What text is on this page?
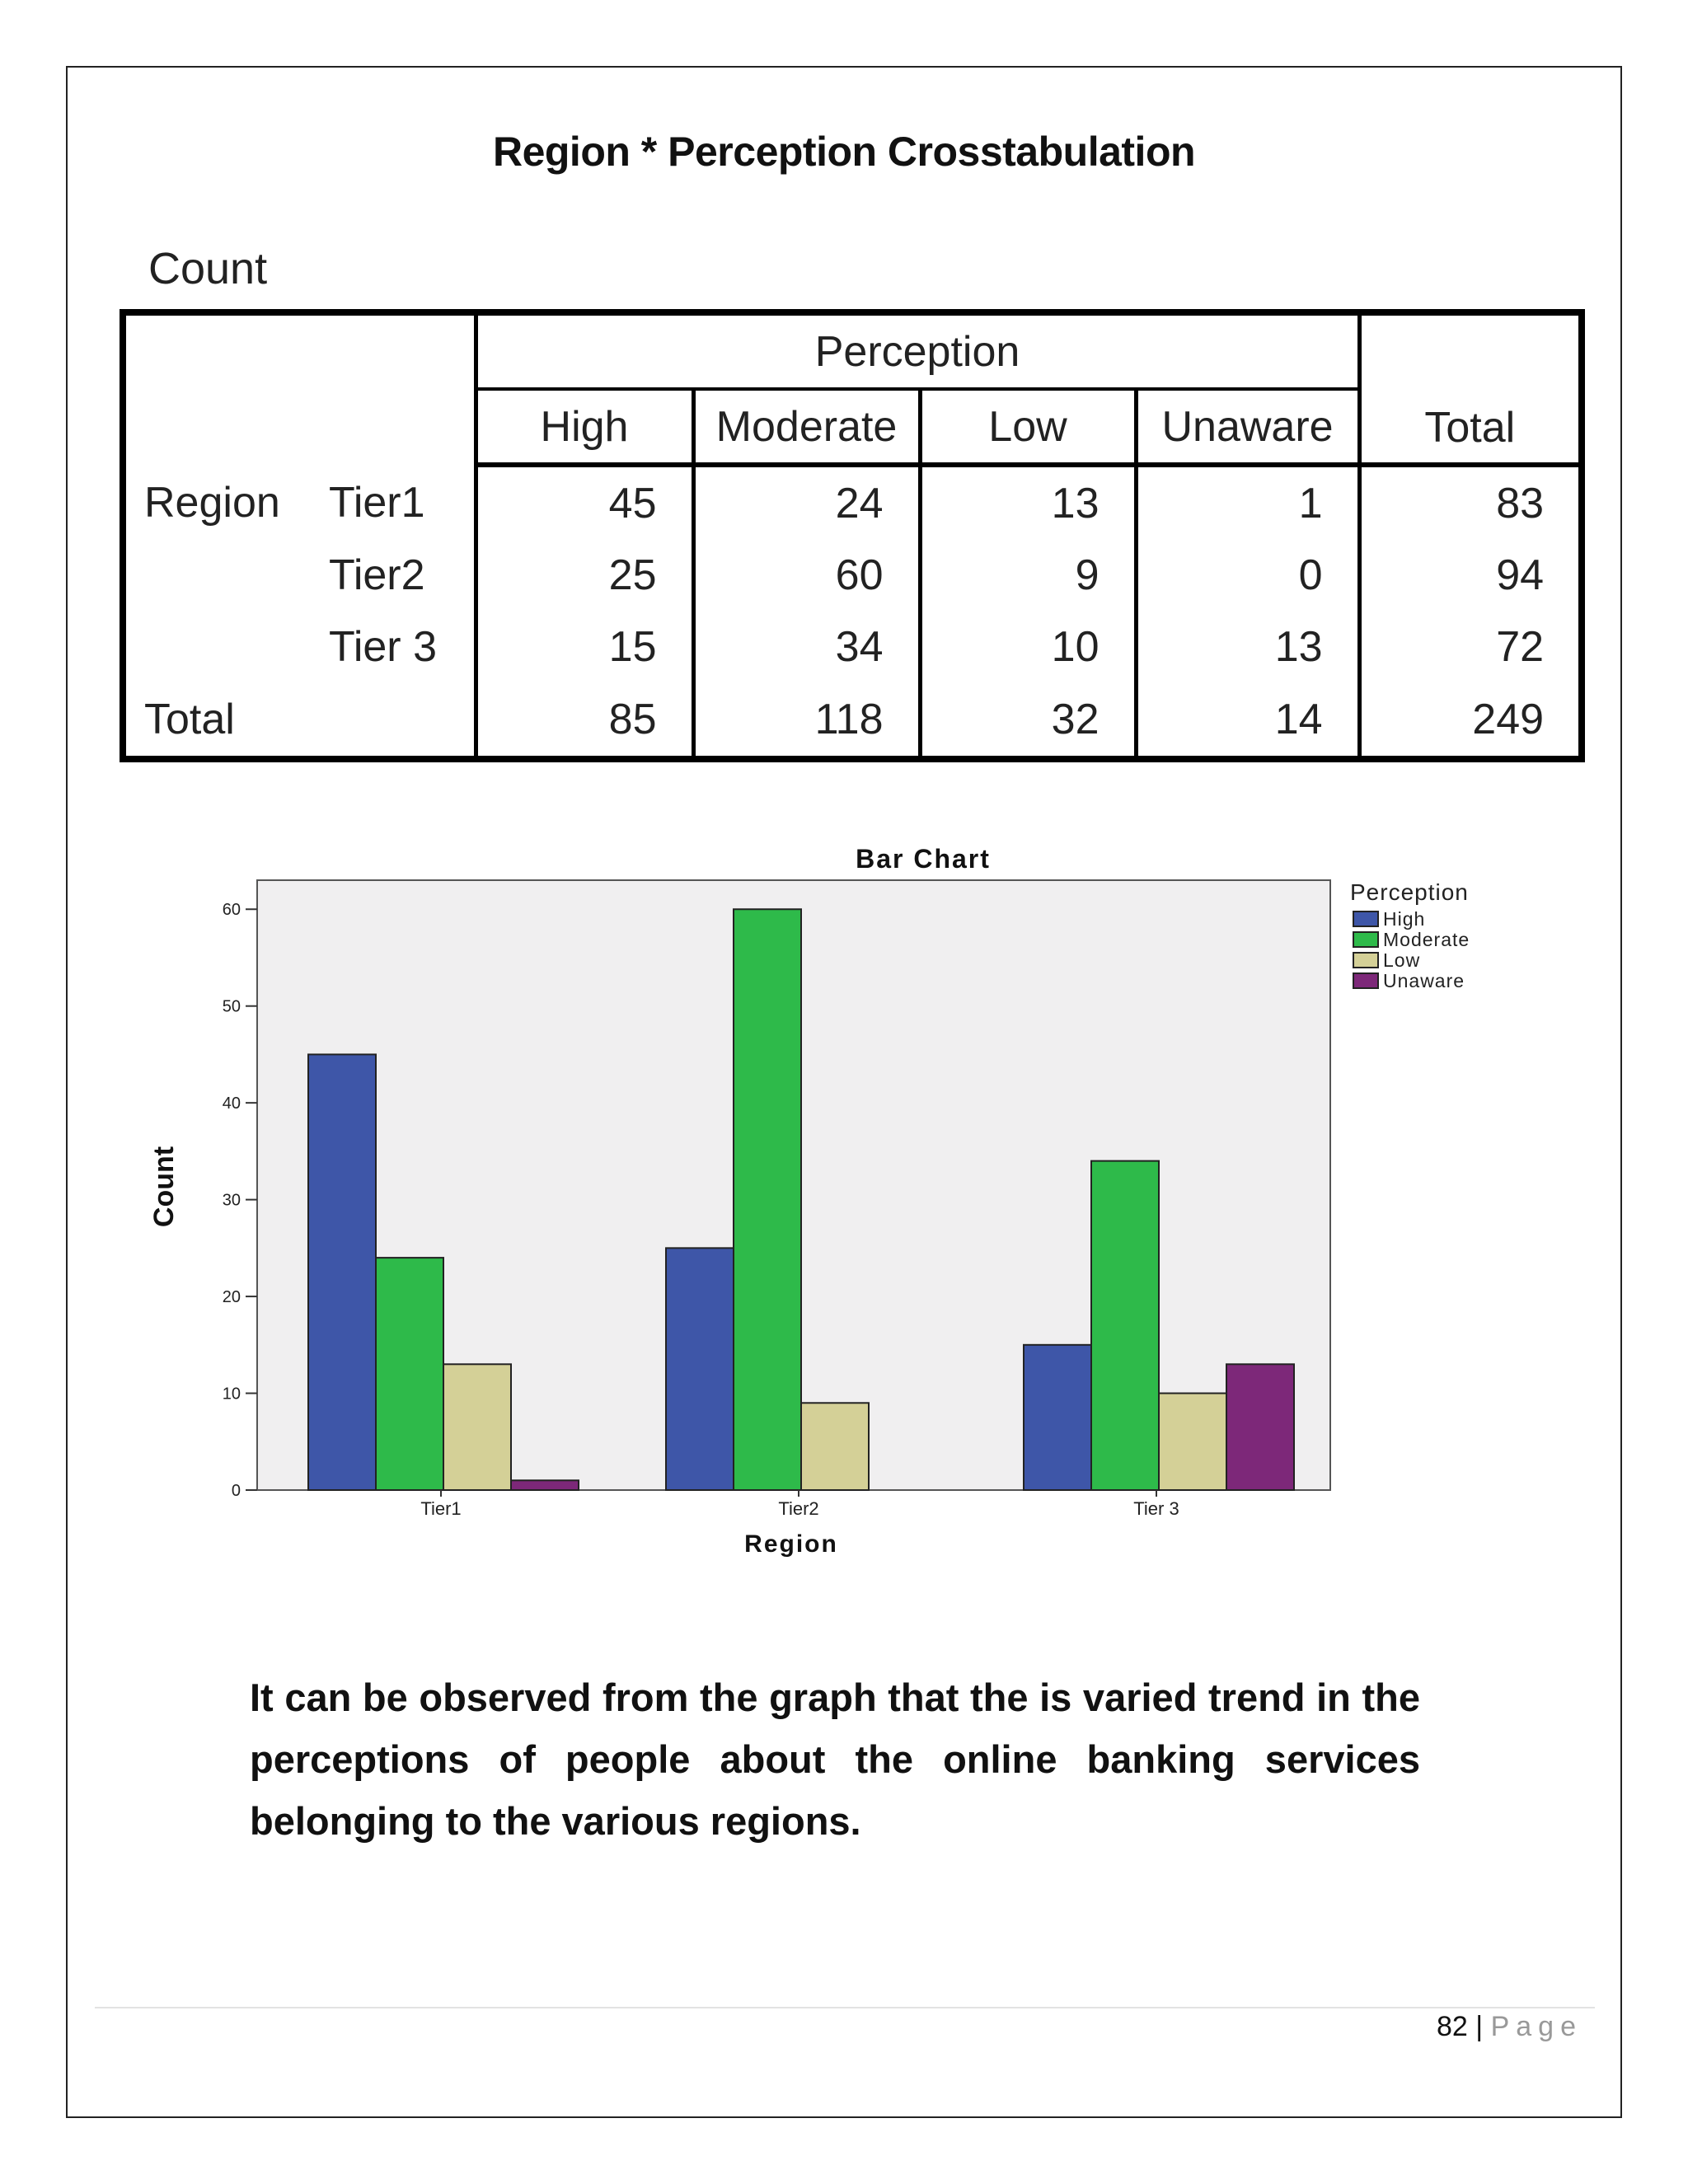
Region * Perception Crosstabulation
Count
		Perception				Total
		High	Moderate	Low	Unaware	
Region	Tier1	45	24	13	1	83
	Tier2	25	60	9	0	94
	Tier 3	15	34	10	13	72
Total		85	118	32	14	249
0
10
20
30
40
50
60
Tier1	Tier2	Tier 3
Bar Chart
Region
Count
Perception
High
Moderate
Low
Unaware
It can be observed from the graph that the is varied trend in the perceptions of people about the online banking services belonging to the various regions.
82 | Page
